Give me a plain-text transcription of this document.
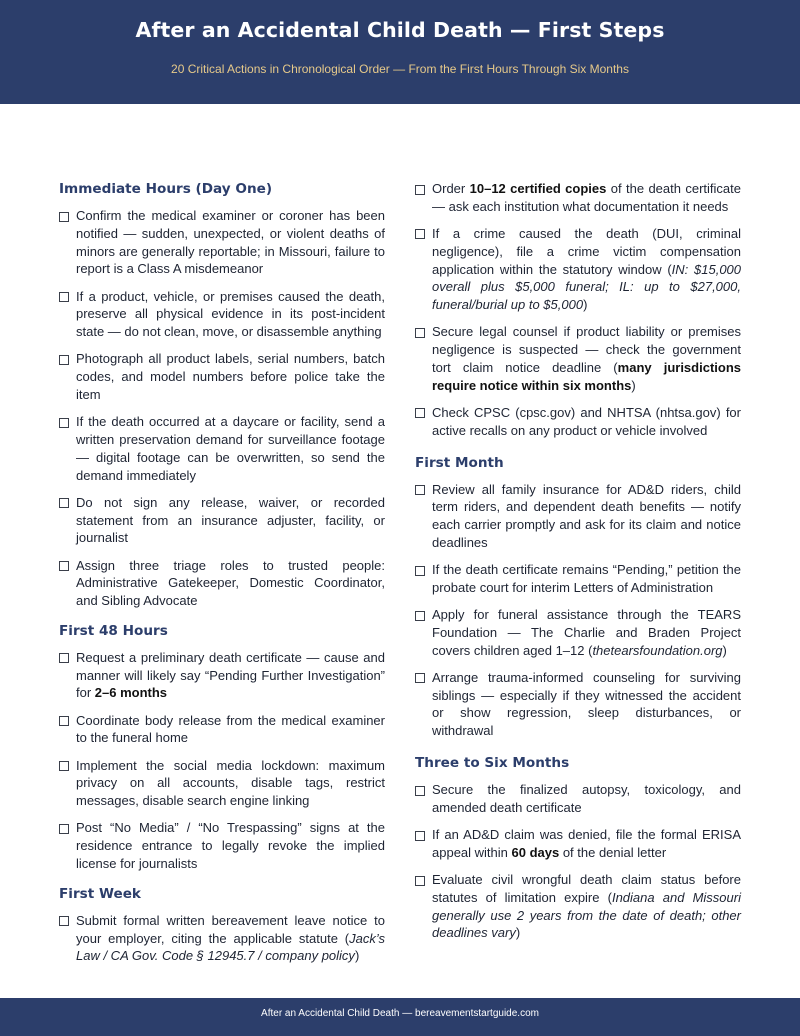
After an Accidental Child Death — First Steps
20 Critical Actions in Chronological Order — From the First Hours Through Six Months
Immediate Hours (Day One)
Confirm the medical examiner or coroner has been notified — sudden, unexpected, or violent deaths of minors are generally reportable; in Missouri, failure to report is a Class A misdemeanor
If a product, vehicle, or premises caused the death, preserve all physical evidence in its post-incident state — do not clean, move, or disassemble anything
Photograph all product labels, serial numbers, batch codes, and model numbers before police take the item
If the death occurred at a daycare or facility, send a written preservation demand for surveillance footage — digital footage can be overwritten, so send the demand immediately
Do not sign any release, waiver, or recorded statement from an insurance adjuster, facility, or journalist
Assign three triage roles to trusted people: Administrative Gatekeeper, Domestic Coordinator, and Sibling Advocate
First 48 Hours
Request a preliminary death certificate — cause and manner will likely say “Pending Further Investigation” for 2–6 months
Coordinate body release from the medical examiner to the funeral home
Implement the social media lockdown: maximum privacy on all accounts, disable tags, restrict messages, disable search engine linking
Post “No Media” / “No Trespassing” signs at the residence entrance to legally revoke the implied license for journalists
First Week
Submit formal written bereavement leave notice to your employer, citing the applicable statute (Jack’s Law / CA Gov. Code § 12945.7 / company policy)
Order 10–12 certified copies of the death certificate — ask each institution what documentation it needs
If a crime caused the death (DUI, criminal negligence), file a crime victim compensation application within the statutory window (IN: $15,000 overall plus $5,000 funeral; IL: up to $27,000, funeral/burial up to $5,000)
Secure legal counsel if product liability or premises negligence is suspected — check the government tort claim notice deadline (many jurisdictions require notice within six months)
Check CPSC (cpsc.gov) and NHTSA (nhtsa.gov) for active recalls on any product or vehicle involved
First Month
Review all family insurance for AD&D riders, child term riders, and dependent death benefits — notify each carrier promptly and ask for its claim and notice deadlines
If the death certificate remains “Pending,” petition the probate court for interim Letters of Administration
Apply for funeral assistance through the TEARS Foundation — The Charlie and Braden Project covers children aged 1–12 (thetearsfoundation.org)
Arrange trauma-informed counseling for surviving siblings — especially if they witnessed the accident or show regression, sleep disturbances, or withdrawal
Three to Six Months
Secure the finalized autopsy, toxicology, and amended death certificate
If an AD&D claim was denied, file the formal ERISA appeal within 60 days of the denial letter
Evaluate civil wrongful death claim status before statutes of limitation expire (Indiana and Missouri generally use 2 years from the date of death; other deadlines vary)
After an Accidental Child Death — bereavementstartguide.com
